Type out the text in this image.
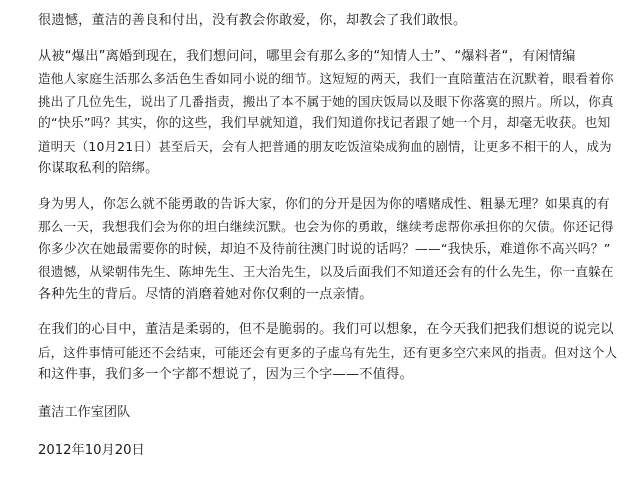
很遗憾，董洁的善良和付出，没有教会你敢爱，你，却教会了我们敢恨。
从被“爆出”离婚到现在，我们想问问，哪里会有那么多的“知情人士”、“爆料者“，有闲情编
造他人家庭生活那么多活色生香如同小说的细节。这短短的两天，我们一直陪董洁在沉默着，眼看着你
挑出了几位先生，说出了几番指责，搬出了本不属于她的国庆饭局以及眼下你落寞的照片。所以，你真
的“快乐”吗？其实，你的这些，我们早就知道，我们知道你找记者跟了她一个月，却毫无收获。也知
道明天（10月21日）甚至后天，会有人把普通的朋友吃饭渲染成狗血的剧情，让更多不相干的人，成为
你谋取私利的陪绑。
身为男人，你怎么就不能勇敢的告诉大家，你们的分开是因为你的嗜赌成性、粗暴无理？如果真的有
那么一天，我想我们会为你的坦白继续沉默。也会为你的勇敢，继续考虑帮你承担你的欠债。你还记得
你多少次在她最需要你的时候，却迫不及待前往澳门时说的话吗？——“我快乐，难道你不高兴吗？”
很遗憾，从梁朝伟先生、陈坤先生、王大治先生，以及后面我们不知道还会有的什么先生，你一直躲在
各种先生的背后。尽情的消磨着她对你仅剩的一点亲情。
在我们的心目中，董洁是柔弱的，但不是脆弱的。我们可以想象，在今天我们把我们想说的说完以
后，这件事情可能还不会结束，可能还会有更多的子虚乌有先生，还有更多空穴来风的指责。但对这个人
和这件事，我们多一个字都不想说了，因为三个字——不值得。
董洁工作室团队
2012年10月20日
